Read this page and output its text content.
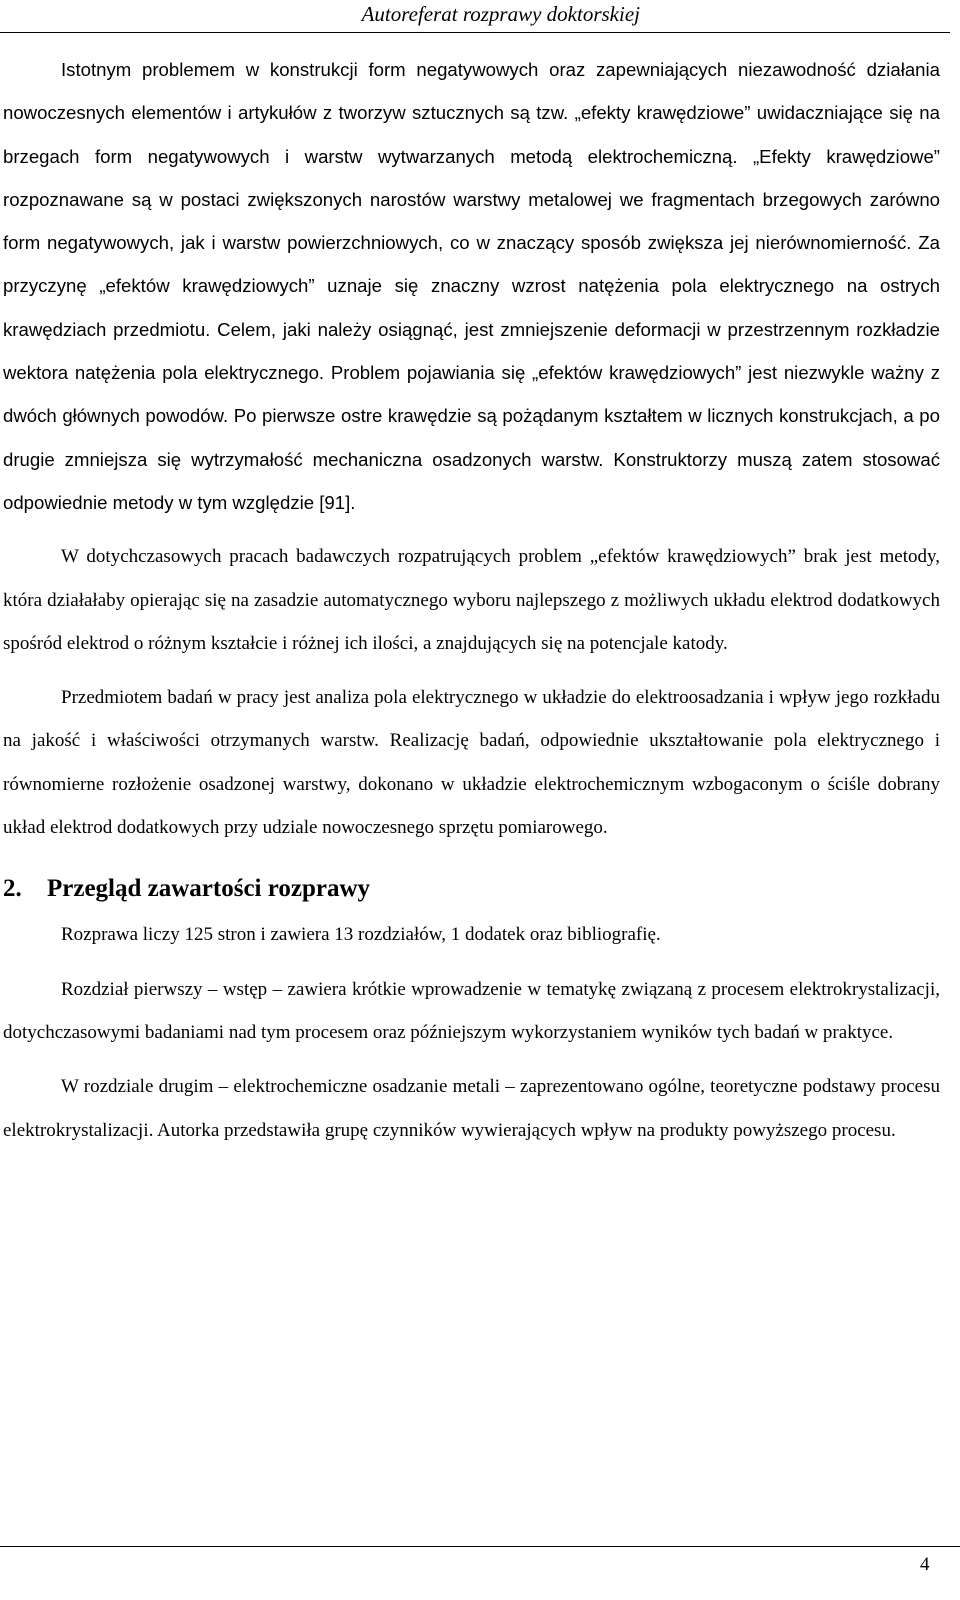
Autoreferat rozprawy doktorskiej

Istotnym problemem w konstrukcji form negatywowych oraz zapewniających niezawodność działania nowoczesnych elementów i artykułów z tworzyw sztucznych są tzw. „efekty krawędziowe” uwidaczniające się na brzegach form negatywowych i warstw wytwarzanych metodą elektrochemiczną. „Efekty krawędziowe” rozpoznawane są w postaci zwiększonych narostów warstwy metalowej we fragmentach brzegowych zarówno form negatywowych, jak i warstw powierzchniowych, co w znaczący sposób zwiększa jej nierównomierność. Za przyczynę „efektów krawędziowych” uznaje się znaczny wzrost natężenia pola elektrycznego na ostrych krawędziach przedmiotu. Celem, jaki należy osiągnąć, jest zmniejszenie deformacji w przestrzennym rozkładzie wektora natężenia pola elektrycznego. Problem pojawiania się „efektów krawędziowych” jest niezwykle ważny z dwóch głównych powodów. Po pierwsze ostre krawędzie są pożądanym kształtem w licznych konstrukcjach, a po drugie zmniejsza się wytrzymałość mechaniczna osadzonych warstw. Konstruktorzy muszą zatem stosować odpowiednie metody w tym względzie [91].

W dotychczasowych pracach badawczych rozpatrujących problem „efektów krawędziowych” brak jest metody, która działałaby opierając się na zasadzie automatycznego wyboru najlepszego z możliwych układu elektrod dodatkowych spośród elektrod o różnym kształcie i różnej ich ilości, a znajdujących się na potencjale katody.

Przedmiotem badań w pracy jest analiza pola elektrycznego w układzie do elektroosadzania i wpływ jego rozkładu na jakość i właściwości otrzymanych warstw. Realizację badań, odpowiednie ukształtowanie pola elektrycznego i równomierne rozłożenie osadzonej warstwy, dokonano w układzie elektrochemicznym wzbogaconym o ściśle dobrany układ elektrod dodatkowych przy udziale nowoczesnego sprzętu pomiarowego.

2. Przegląd zawartości rozprawy

Rozprawa liczy 125 stron i zawiera 13 rozdziałów, 1 dodatek oraz bibliografię.

Rozdział pierwszy – wstęp – zawiera krótkie wprowadzenie w tematykę związaną z procesem elektrokrystalizacji, dotychczasowymi badaniami nad tym procesem oraz późniejszym wykorzystaniem wyników tych badań w praktyce.

W rozdziale drugim – elektrochemiczne osadzanie metali – zaprezentowano ogólne, teoretyczne podstawy procesu elektrokrystalizacji. Autorka przedstawiła grupę czynników wywierających wpływ na produkty powyższego procesu.

4
